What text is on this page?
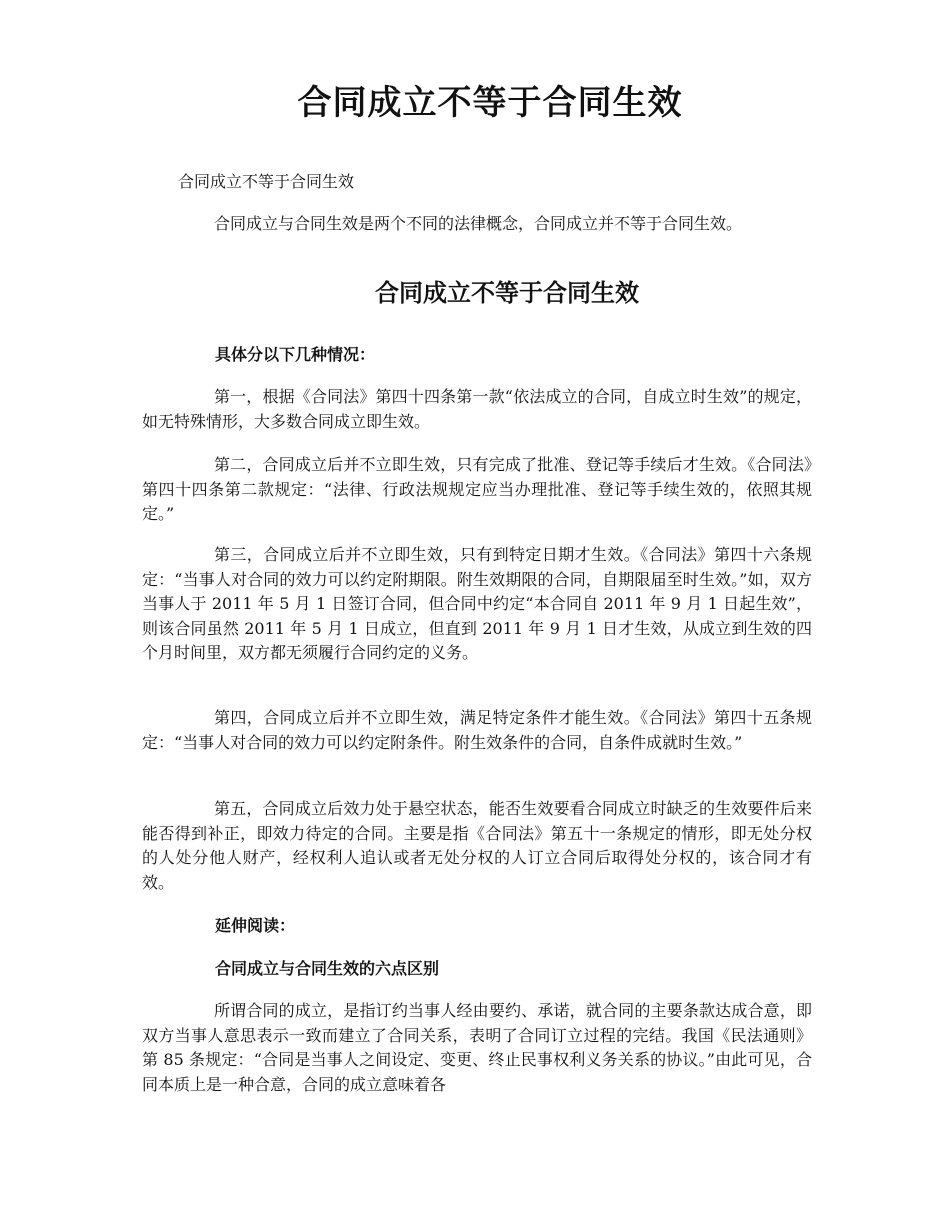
合同成立不等于合同生效

合同成立不等于合同生效

合同成立与合同生效是两个不同的法律概念，合同成立并不等于合同生效。

合同成立不等于合同生效

具体分以下几种情况：

第一，根据《合同法》第四十四条第一款“依法成立的合同，自成立时生效”的规定，如无特殊情形，大多数合同成立即生效。

第二，合同成立后并不立即生效，只有完成了批准、登记等手续后才生效。《合同法》第四十四条第二款规定：“法律、行政法规规定应当办理批准、登记等手续生效的，依照其规定。”

第三，合同成立后并不立即生效，只有到特定日期才生效。《合同法》第四十六条规定：“当事人对合同的效力可以约定附期限。附生效期限的合同，自期限届至时生效。”如，双方当事人于 2011 年 5 月 1 日签订合同，但合同中约定“本合同自 2011 年 9 月 1 日起生效”，则该合同虽然 2011 年 5 月 1 日成立，但直到 2011 年 9 月 1 日才生效，从成立到生效的四个月时间里，双方都无须履行合同约定的义务。

第四，合同成立后并不立即生效，满足特定条件才能生效。《合同法》第四十五条规定：“当事人对合同的效力可以约定附条件。附生效条件的合同，自条件成就时生效。”

第五，合同成立后效力处于悬空状态，能否生效要看合同成立时缺乏的生效要件后来能否得到补正，即效力待定的合同。主要是指《合同法》第五十一条规定的情形，即无处分权的人处分他人财产，经权利人追认或者无处分权的人订立合同后取得处分权的，该合同才有效。

延伸阅读：

合同成立与合同生效的六点区别

所谓合同的成立，是指订约当事人经由要约、承诺，就合同的主要条款达成合意，即双方当事人意思表示一致而建立了合同关系，表明了合同订立过程的完结。我国《民法通则》第 85 条规定：“合同是当事人之间设定、变更、终止民事权利义务关系的协议。”由此可见，合同本质上是一种合意，合同的成立意味着各
